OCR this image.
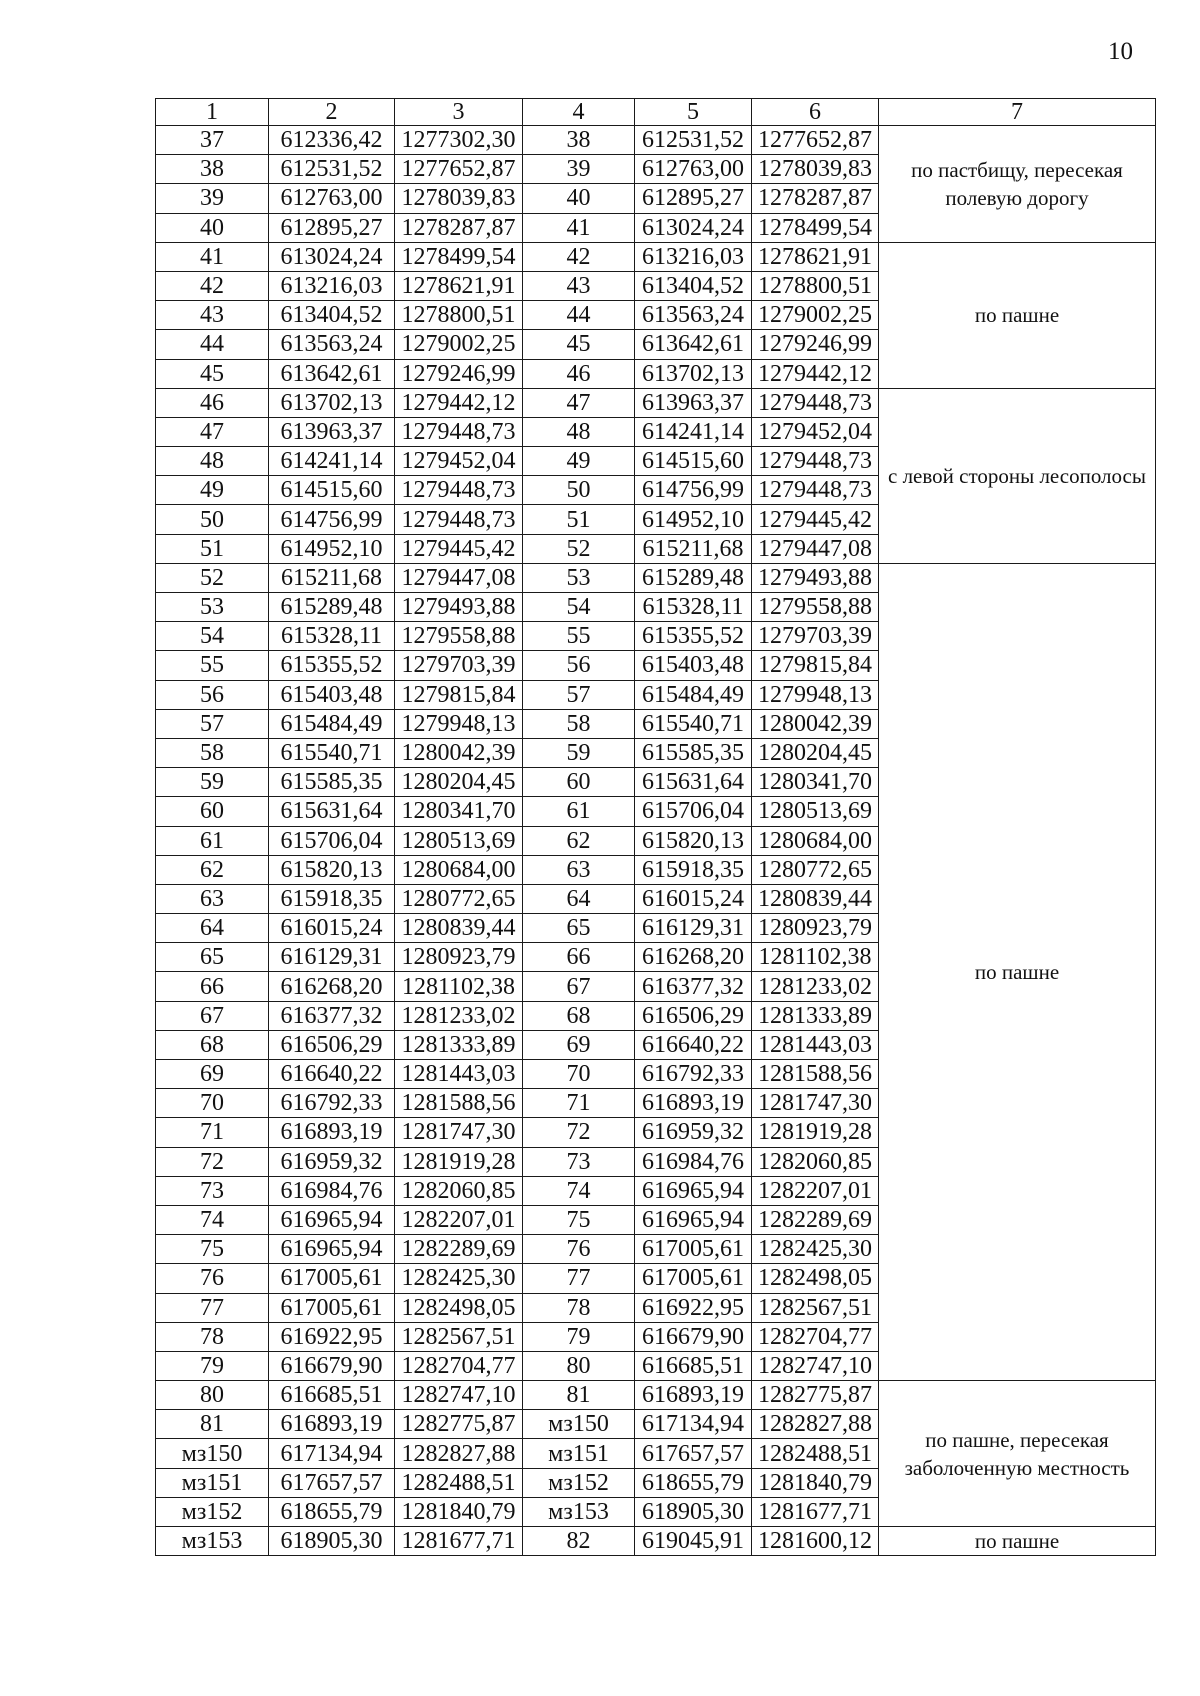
10
1	2	3	4	5	6	7
37	612336,42	1277302,30	38	612531,52	1277652,87	по пастбищу, пересекая полевую дорогу
38	612531,52	1277652,87	39	612763,00	1278039,83	
39	612763,00	1278039,83	40	612895,27	1278287,87	
40	612895,27	1278287,87	41	613024,24	1278499,54	
41	613024,24	1278499,54	42	613216,03	1278621,91	по пашне
42	613216,03	1278621,91	43	613404,52	1278800,51	
43	613404,52	1278800,51	44	613563,24	1279002,25	
44	613563,24	1279002,25	45	613642,61	1279246,99	
45	613642,61	1279246,99	46	613702,13	1279442,12	
46	613702,13	1279442,12	47	613963,37	1279448,73	с левой стороны лесополосы
47	613963,37	1279448,73	48	614241,14	1279452,04	
48	614241,14	1279452,04	49	614515,60	1279448,73	
49	614515,60	1279448,73	50	614756,99	1279448,73	
50	614756,99	1279448,73	51	614952,10	1279445,42	
51	614952,10	1279445,42	52	615211,68	1279447,08	
52	615211,68	1279447,08	53	615289,48	1279493,88	по пашне
53	615289,48	1279493,88	54	615328,11	1279558,88	
54	615328,11	1279558,88	55	615355,52	1279703,39	
55	615355,52	1279703,39	56	615403,48	1279815,84	
56	615403,48	1279815,84	57	615484,49	1279948,13	
57	615484,49	1279948,13	58	615540,71	1280042,39	
58	615540,71	1280042,39	59	615585,35	1280204,45	
59	615585,35	1280204,45	60	615631,64	1280341,70	
60	615631,64	1280341,70	61	615706,04	1280513,69	
61	615706,04	1280513,69	62	615820,13	1280684,00	
62	615820,13	1280684,00	63	615918,35	1280772,65	
63	615918,35	1280772,65	64	616015,24	1280839,44	
64	616015,24	1280839,44	65	616129,31	1280923,79	
65	616129,31	1280923,79	66	616268,20	1281102,38	
66	616268,20	1281102,38	67	616377,32	1281233,02	
67	616377,32	1281233,02	68	616506,29	1281333,89	
68	616506,29	1281333,89	69	616640,22	1281443,03	
69	616640,22	1281443,03	70	616792,33	1281588,56	
70	616792,33	1281588,56	71	616893,19	1281747,30	
71	616893,19	1281747,30	72	616959,32	1281919,28	
72	616959,32	1281919,28	73	616984,76	1282060,85	
73	616984,76	1282060,85	74	616965,94	1282207,01	
74	616965,94	1282207,01	75	616965,94	1282289,69	
75	616965,94	1282289,69	76	617005,61	1282425,30	
76	617005,61	1282425,30	77	617005,61	1282498,05	
77	617005,61	1282498,05	78	616922,95	1282567,51	
78	616922,95	1282567,51	79	616679,90	1282704,77	
79	616679,90	1282704,77	80	616685,51	1282747,10	
80	616685,51	1282747,10	81	616893,19	1282775,87	по пашне, пересекая заболоченную местность
81	616893,19	1282775,87	мз150	617134,94	1282827,88	
мз150	617134,94	1282827,88	мз151	617657,57	1282488,51	
мз151	617657,57	1282488,51	мз152	618655,79	1281840,79	
мз152	618655,79	1281840,79	мз153	618905,30	1281677,71	
мз153	618905,30	1281677,71	82	619045,91	1281600,12	по пашне
